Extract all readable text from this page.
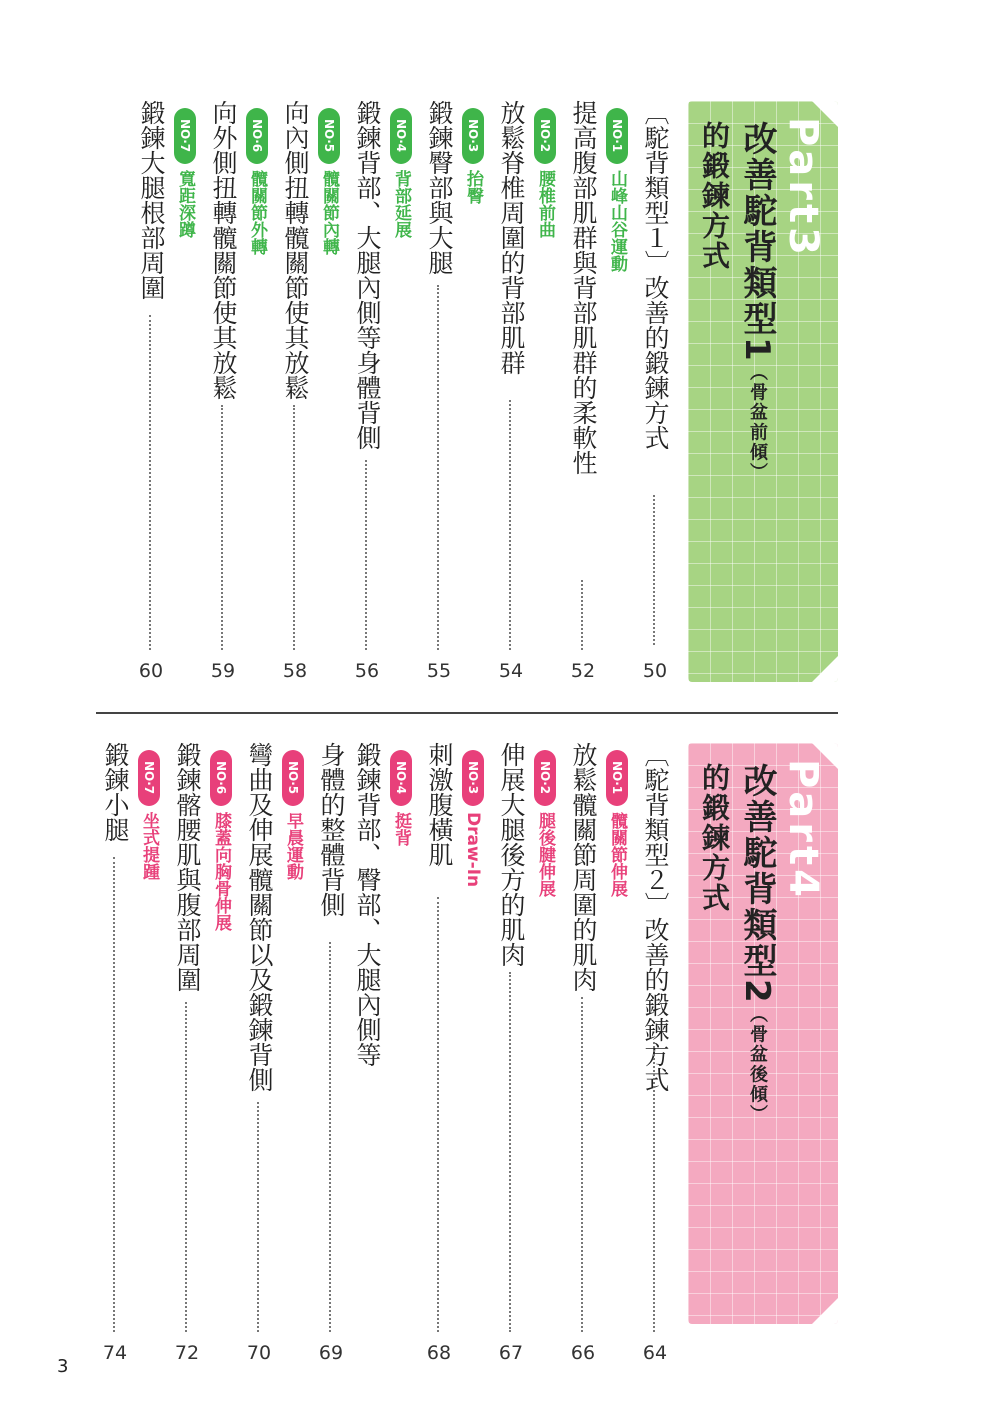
Part3
改善駝背類型1（骨盆前傾）
的鍛鍊方式
〔駝背類型１〕改善的鍛鍊方式
50
NO·1
山峰山谷運動
提高腹部肌群與背部肌群的柔軟性
52
NO·2
腰椎前曲
放鬆脊椎周圍的背部肌群
54
NO·3
抬臀
鍛鍊臀部與大腿
55
NO·4
背部延展
鍛鍊背部、大腿內側等身體背側
56
NO·5
髖關節內轉
向內側扭轉髖關節使其放鬆
58
NO·6
髖關節外轉
向外側扭轉髖關節使其放鬆
59
NO·7
寬距深蹲
鍛鍊大腿根部周圍
60
Part4
改善駝背類型2（骨盆後傾）
的鍛鍊方式
〔駝背類型２〕改善的鍛鍊方式
64
NO·1
髖關節伸展
放鬆髖關節周圍的肌肉
66
NO·2
腿後腱伸展
伸展大腿後方的肌肉
67
NO·3
Draw-In
刺激腹橫肌
68
NO·4
挺背
鍛鍊背部、臀部、大腿內側等
身體的整體背側
69
NO·5
早晨運動
彎曲及伸展髖關節以及鍛鍊背側
70
NO·6
膝蓋向胸骨伸展
鍛鍊髂腰肌與腹部周圍
72
NO·7
坐式提踵
鍛鍊小腿
74
3
